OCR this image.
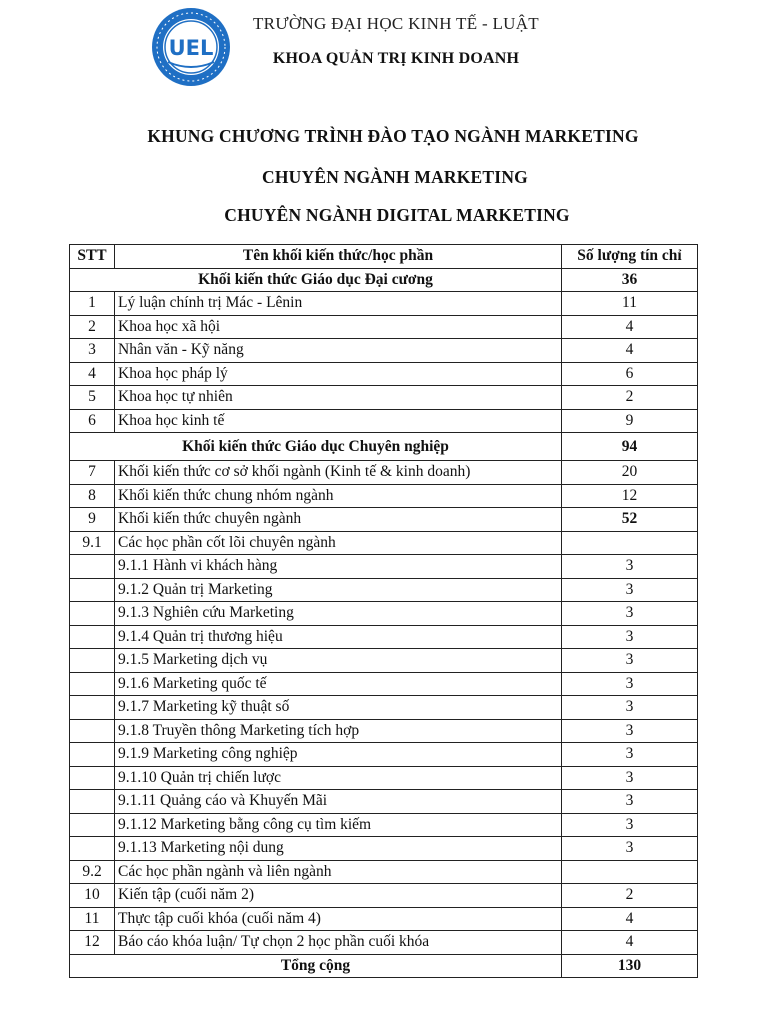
UEL
TRƯỜNG ĐẠI HỌC KINH TẾ - LUẬT
KHOA QUẢN TRỊ KINH DOANH
KHUNG CHƯƠNG TRÌNH ĐÀO TẠO NGÀNH MARKETING
CHUYÊN NGÀNH MARKETING
CHUYÊN NGÀNH DIGITAL MARKETING
STT	Tên khối kiến thức/học phần	Số lượng tín chỉ
Khối kiến thức Giáo dục Đại cương		36
1	Lý luận chính trị Mác - Lênin	11
2	Khoa học xã hội	4
3	Nhân văn - Kỹ năng	4
4	Khoa học pháp lý	6
5	Khoa học tự nhiên	2
6	Khoa học kinh tế	9
Khối kiến thức Giáo dục Chuyên nghiệp		94
7	Khối kiến thức cơ sở khối ngành (Kinh tế & kinh doanh)	20
8	Khối kiến thức chung nhóm ngành	12
9	Khối kiến thức chuyên ngành	52
9.1	Các học phần cốt lõi chuyên ngành	
	9.1.1 Hành vi khách hàng	3
	9.1.2 Quản trị Marketing	3
	9.1.3 Nghiên cứu Marketing	3
	9.1.4 Quản trị thương hiệu	3
	9.1.5 Marketing dịch vụ	3
	9.1.6 Marketing quốc tế	3
	9.1.7 Marketing kỹ thuật số	3
	9.1.8 Truyền thông Marketing tích hợp	3
	9.1.9 Marketing công nghiệp	3
	9.1.10 Quản trị chiến lược	3
	9.1.11 Quảng cáo và Khuyến Mãi	3
	9.1.12 Marketing bằng công cụ tìm kiếm	3
	9.1.13 Marketing nội dung	3
9.2	Các học phần ngành và liên ngành	
10	Kiến tập (cuối năm 2)	2
11	Thực tập cuối khóa (cuối năm 4)	4
12	Báo cáo khóa luận/ Tự chọn 2 học phần cuối khóa	4
Tổng cộng		130
